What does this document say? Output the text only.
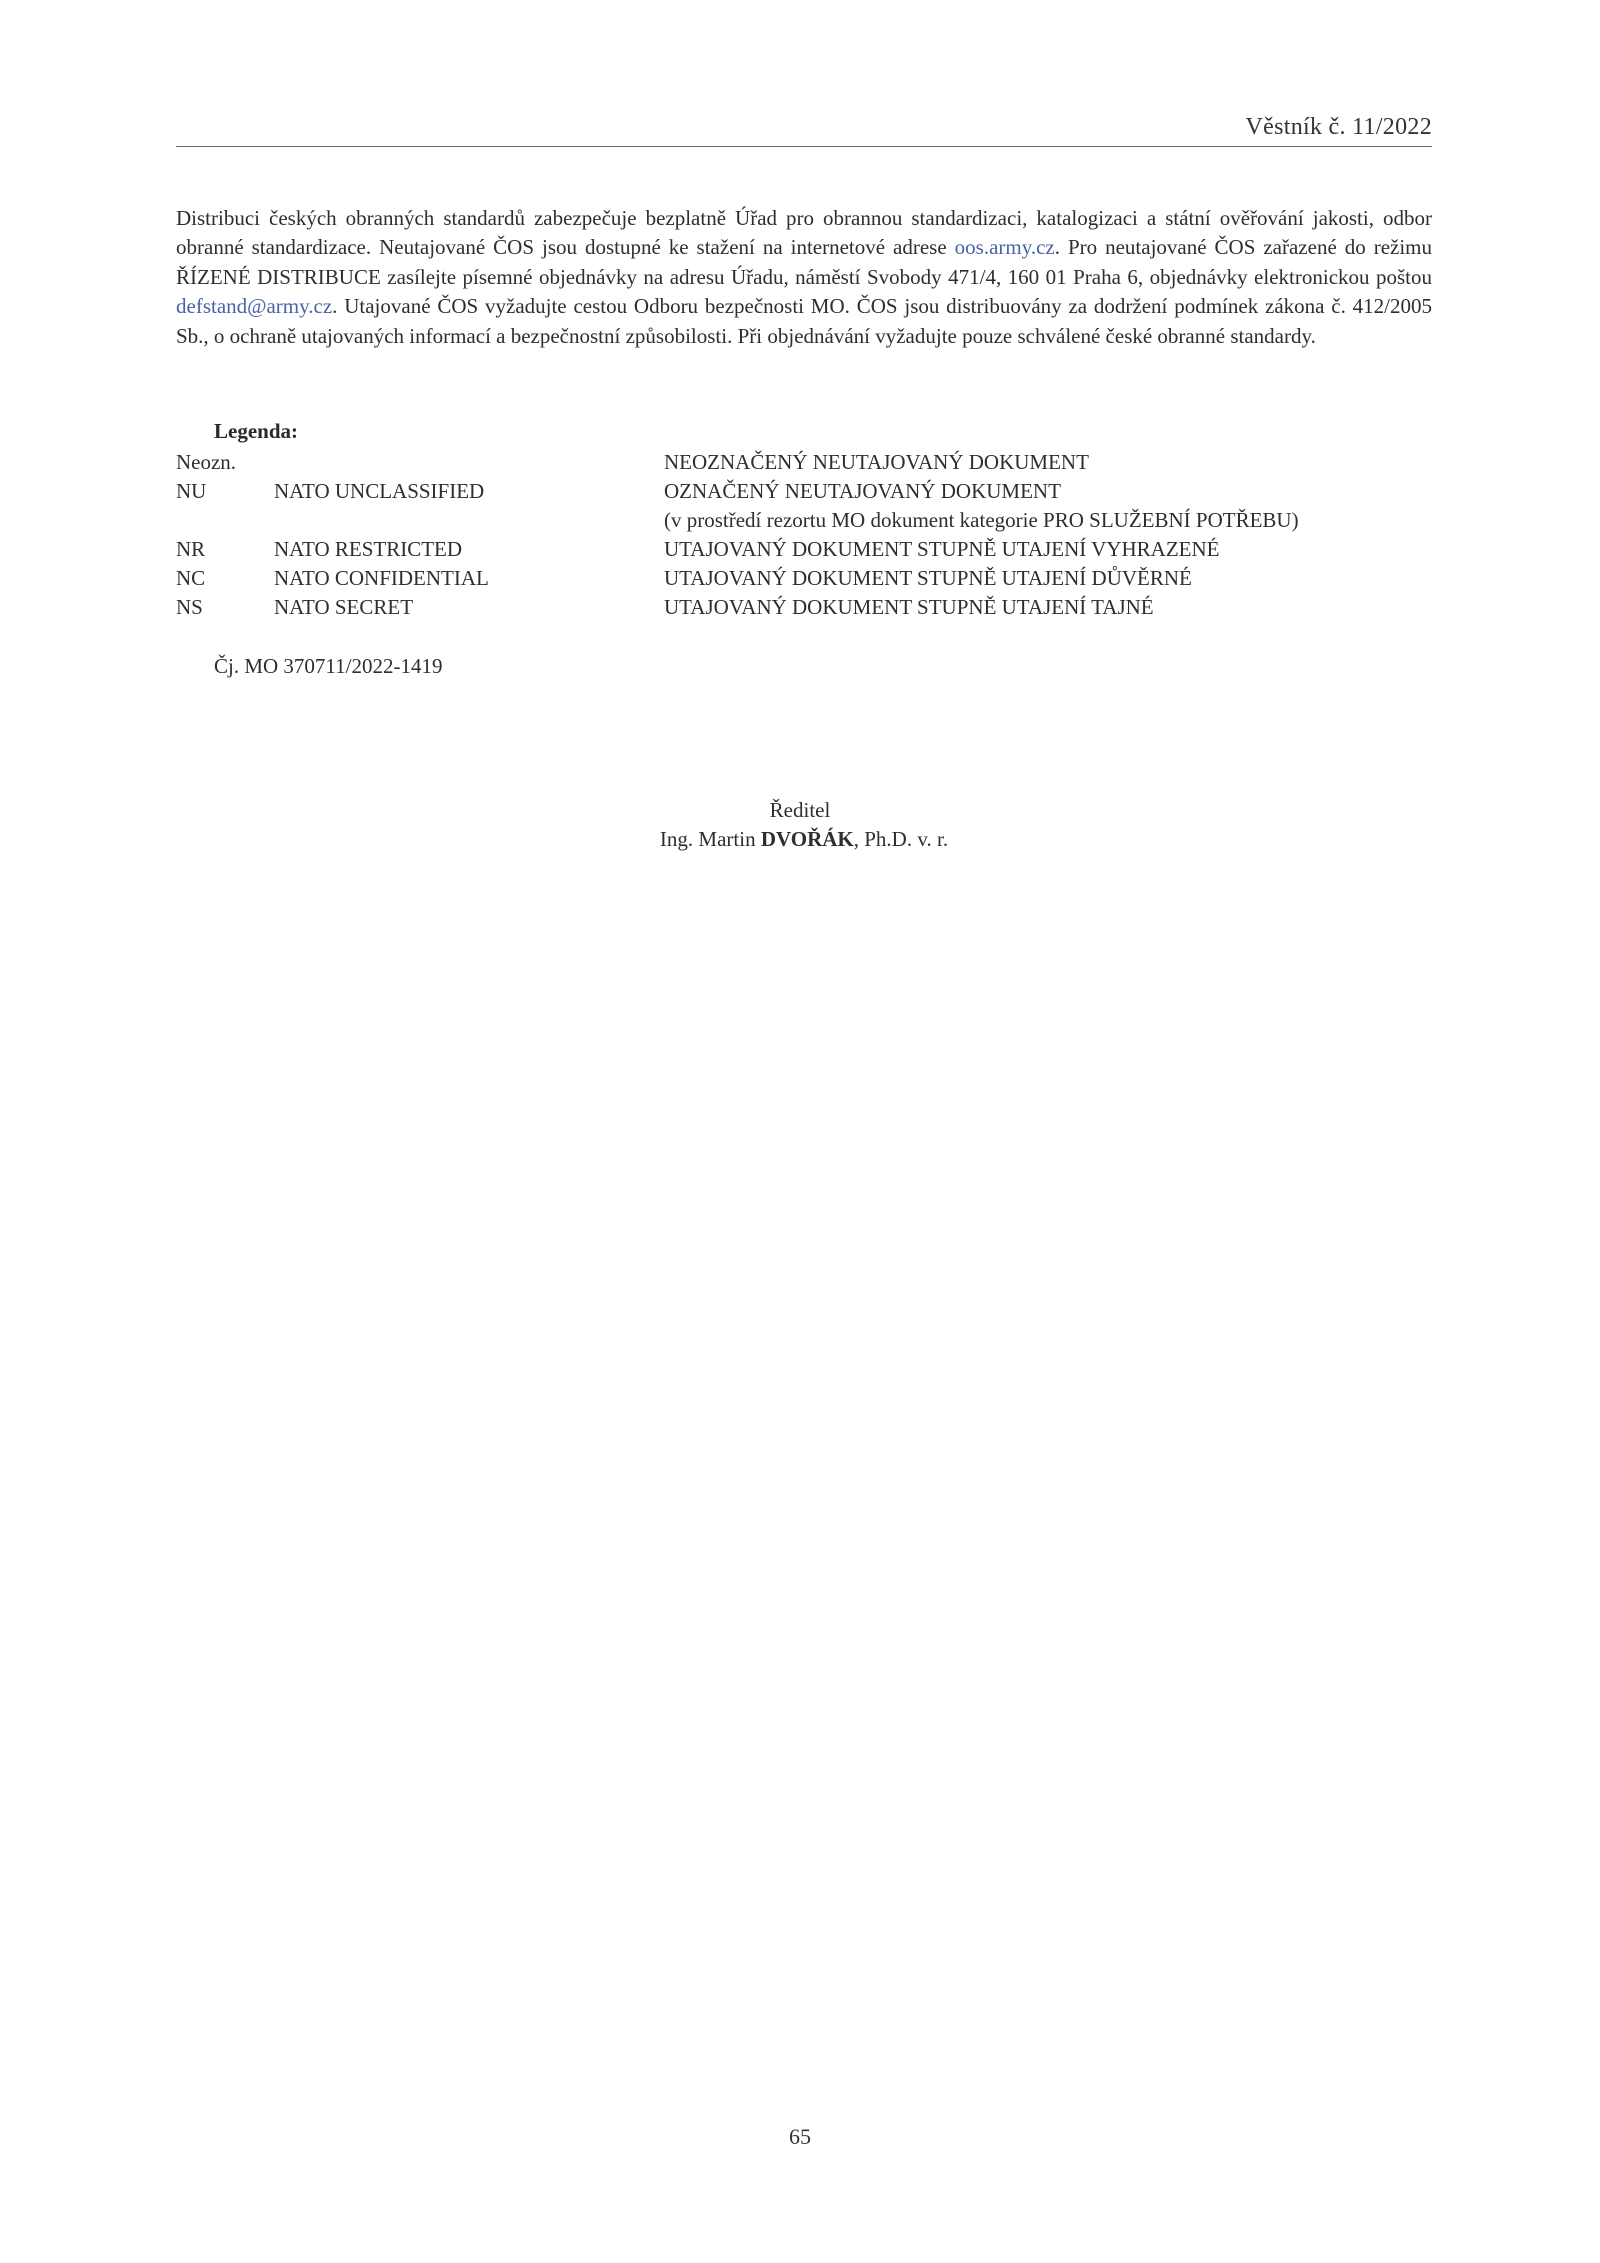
Věstník č. 11/2022

Distribuci českých obranných standardů zabezpečuje bezplatně Úřad pro obrannou standardizaci, katalogizaci a státní ověřování jakosti, odbor obranné standardizace. Neutajované ČOS jsou dostupné ke stažení na internetové adrese oos.army.cz. Pro neutajované ČOS zařazené do režimu ŘÍZENÉ DISTRIBUCE zasílejte písemné objednávky na adresu Úřadu, náměstí Svobody 471/4, 160 01 Praha 6, objednávky elektronickou poštou defstand@army.cz. Utajované ČOS vyžadujte cestou Odboru bezpečnosti MO. ČOS jsou distribuovány za dodržení podmínek zákona č. 412/2005 Sb., o ochraně utajovaných informací a bezpečnostní způsobilosti. Při objednávání vyžadujte pouze schválené české obranné standardy.

Legenda:
Neozn.		NEOZNAČENÝ NEUTAJOVANÝ DOKUMENT
NU	NATO UNCLASSIFIED	OZNAČENÝ NEUTAJOVANÝ DOKUMENT
		(v prostředí rezortu MO dokument kategorie PRO SLUŽEBNÍ POTŘEBU)
NR	NATO RESTRICTED	UTAJOVANÝ DOKUMENT STUPNĚ UTAJENÍ VYHRAZENÉ
NC	NATO CONFIDENTIAL	UTAJOVANÝ DOKUMENT STUPNĚ UTAJENÍ DŮVĚRNÉ
NS	NATO SECRET	UTAJOVANÝ DOKUMENT STUPNĚ UTAJENÍ TAJNÉ
Čj. MO 370711/2022-1419
Ředitel
Ing. Martin DVOŘÁK, Ph.D. v. r.
65
